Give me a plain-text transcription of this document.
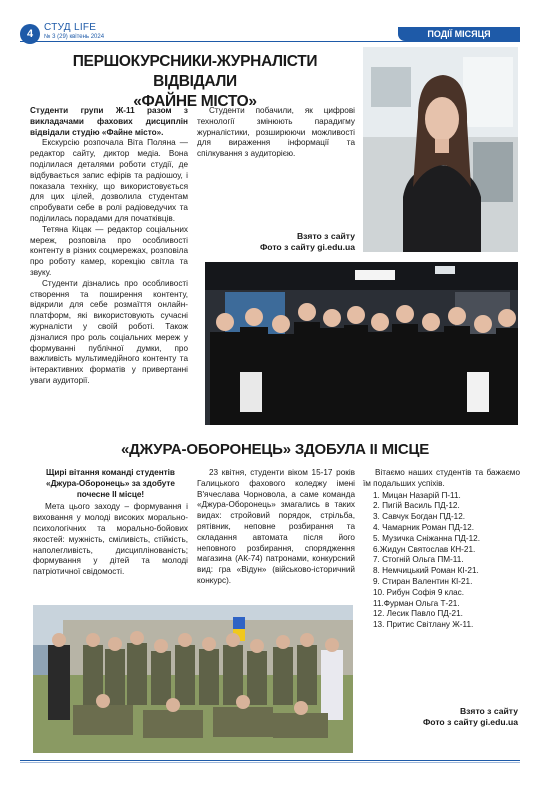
4
СТУД LIFE
№ 3 (29) квітень 2024	ПОДІЇ МІСЯЦЯ
ПЕРШОКУРСНИКИ-ЖУРНАЛІСТИ ВІДВІДАЛИ
«ФАЙНЕ МІСТО»

Студенти групи Ж-11 разом з викладачами фахових дисциплін відвідали студію «Файне місто».

Екскурсію розпочала Віта Поляна — редактор сайту, диктор медіа. Вона поділилася деталями роботи студії, де відбувається запис ефірів та радіошоу, і показала техніку, що використовується для цих цілей, дозволила студентам спробувати себе в ролі радіоведучих та поділилась порадами для початківців.

Тетяна Кіцак — редактор соціальних мереж, розповіла про особливості контенту в різних соцмережах, розповіла про роботу камер, корекцію світла та звуку.

Студенти дізнались про особливості створення та поширення контенту, відкрили для себе розмаїття онлайн-платформ, які використовують сучасні журналісти у своїй роботі. Також дізналися про роль соціальних мереж у формуванні публічної думки, про важливість мультимедійного контенту та інтерактивних форматів у привертанні уваги аудиторії.

Студенти побачили, як цифрові технології змінюють парадигму журналістики, розширюючи можливості для вираження інформації та спілкування з аудиторією.

Взято з сайту
Фото з сайту gi.edu.ua
«ДЖУРА-ОБОРОНЕЦЬ» ЗДОБУЛА ІІ МІСЦЕ

Щирі вітання команді студентів «Джура-Оборонець» за здобуте почесне ІІ місце!

Мета цього заходу – формування і виховання у молоді високих морально-психологічних та морально-бойових якостей: мужність, сміливість, стійкість, наполегливість, дисциплінованість; формування у дітей та молоді патріотичної свідомості.

23 квітня, студенти віком 15-17 років Галицького фахового коледжу імені В'ячеслава Чорновола, а саме команда «Джура-Оборонець» змагались в таких видах: стройовий порядок, стрільба, рятівник, неповне розбирання та складання автомата після його неповного розбирання, спорядження магазина (АК-74) патронами, конкурсний вид: гра «Відун» (військово-історичний конкурс).

Вітаємо наших студентів та бажаємо їм подальших успіхів.

1. Мицан Назарій П-11.
2. Пигій Василь ПД-12.
3. Савчук Богдан ПД-12.
4. Чамарник Роман ПД-12.
5. Музичка Сніжанна ПД-12.
6.Жидун Святослав КН-21.
7. Стогній Ольга ПМ-11.
8. Немчицький Роман КІ-21.
9. Стиран Валентин КІ-21.
10. Рибун Софія 9 клас.
11.Фурман Ольга Т-21.
12. Лесик Павло ПД-21.
13. Притис Світлану Ж-11.
Взято з сайту
Фото з сайту gi.edu.ua
